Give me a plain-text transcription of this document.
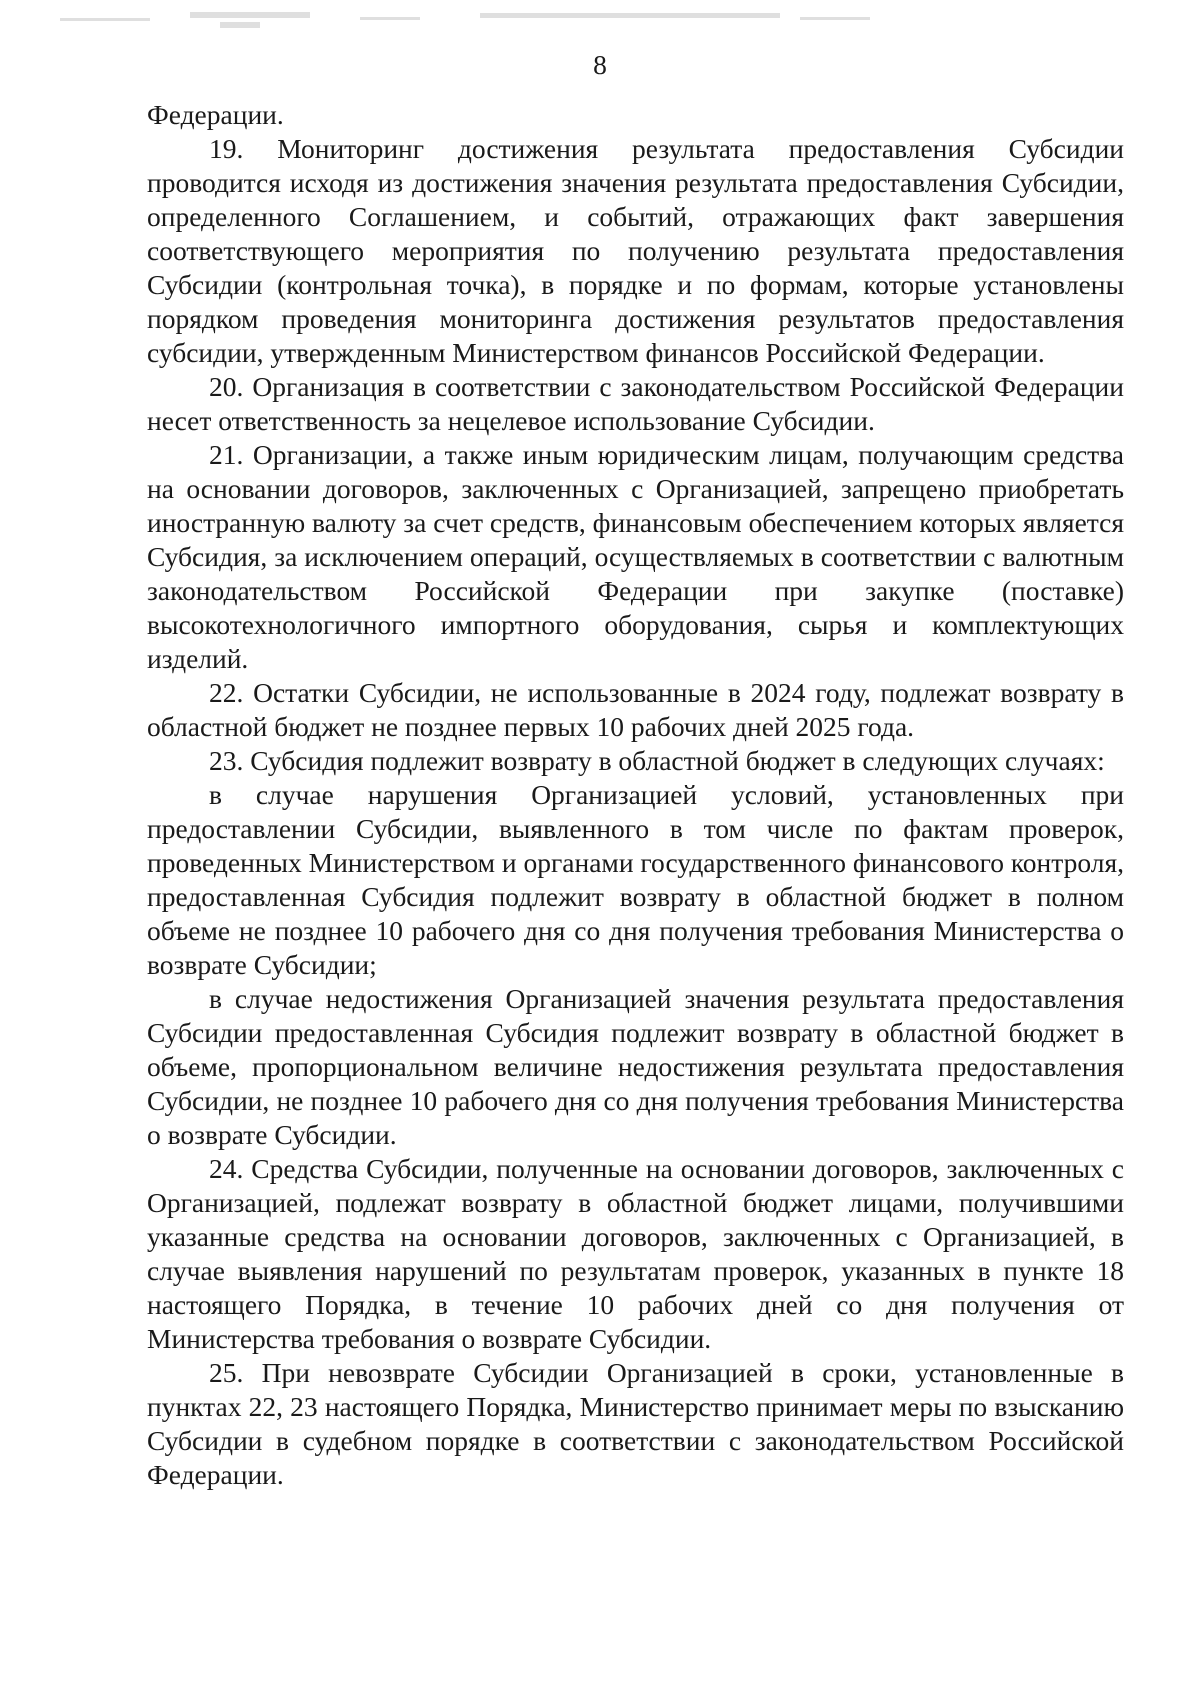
8

Федерации.

19. Мониторинг достижения результата предоставления Субсидии проводится исходя из достижения значения результата предоставления Субсидии, определенного Соглашением, и событий, отражающих факт завершения соответствующего мероприятия по получению результата предоставления Субсидии (контрольная точка), в порядке и по формам, которые установлены порядком проведения мониторинга достижения результатов предоставления субсидии, утвержденным Министерством финансов Российской Федерации.

20. Организация в соответствии с законодательством Российской Федерации несет ответственность за нецелевое использование Субсидии.

21. Организации, а также иным юридическим лицам, получающим средства на основании договоров, заключенных с Организацией, запрещено приобретать иностранную валюту за счет средств, финансовым обеспечением которых является Субсидия, за исключением операций, осуществляемых в соответствии с валютным законодательством Российской Федерации при закупке (поставке) высокотехнологичного импортного оборудования, сырья и комплектующих изделий.

22. Остатки Субсидии, не использованные в 2024 году, подлежат возврату в областной бюджет не позднее первых 10 рабочих дней 2025 года.

23. Субсидия подлежит возврату в областной бюджет в следующих случаях:

в случае нарушения Организацией условий, установленных при предоставлении Субсидии, выявленного в том числе по фактам проверок, проведенных Министерством и органами государственного финансового контроля, предоставленная Субсидия подлежит возврату в областной бюджет в полном объеме не позднее 10 рабочего дня со дня получения требования Министерства о возврате Субсидии;

в случае недостижения Организацией значения результата предоставления Субсидии предоставленная Субсидия подлежит возврату в областной бюджет в объеме, пропорциональном величине недостижения результата предоставления Субсидии, не позднее 10 рабочего дня со дня получения требования Министерства о возврате Субсидии.

24. Средства Субсидии, полученные на основании договоров, заключенных с Организацией, подлежат возврату в областной бюджет лицами, получившими указанные средства на основании договоров, заключенных с Организацией, в случае выявления нарушений по результатам проверок, указанных в пункте 18 настоящего Порядка, в течение 10 рабочих дней со дня получения от Министерства требования о возврате Субсидии.

25. При невозврате Субсидии Организацией в сроки, установленные в пунктах 22, 23 настоящего Порядка, Министерство принимает меры по взысканию Субсидии в судебном порядке в соответствии с законодательством Российской Федерации.
